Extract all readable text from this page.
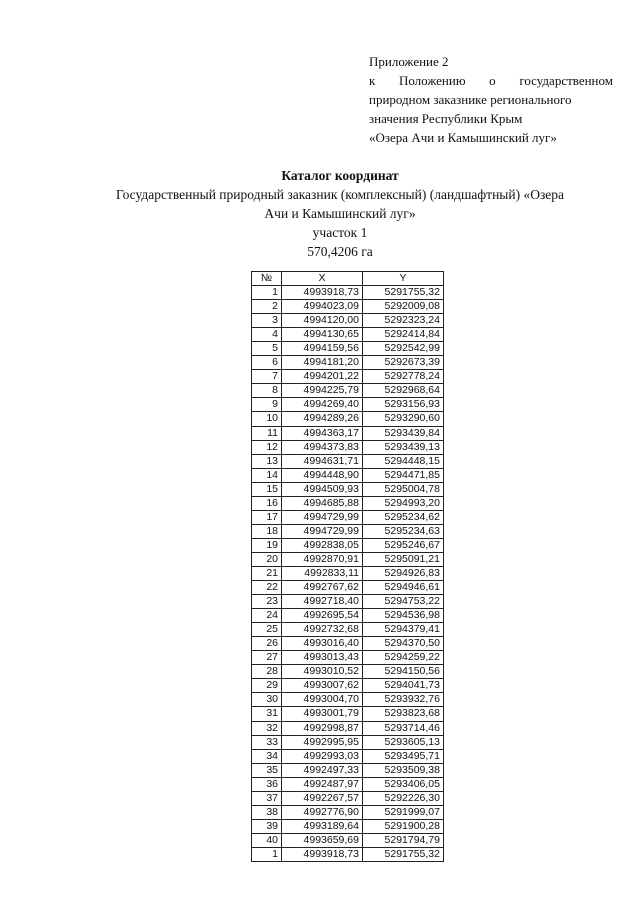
Приложение 2
к Положению о государственном
природном заказнике регионального
значения Республики Крым
«Озера Ачи и Камышинский луг»
Каталог координат
Государственный природный заказник (комплексный) (ландшафтный) «Озера
Ачи и Камышинский луг»
участок 1
570,4206 га
№	X	Y
1	4993918,73	5291755,32
2	4994023,09	5292009,08
3	4994120,00	5292323,24
4	4994130,65	5292414,84
5	4994159,56	5292542,99
6	4994181,20	5292673,39
7	4994201,22	5292778,24
8	4994225,79	5292968,64
9	4994269,40	5293156,93
10	4994289,26	5293290,60
11	4994363,17	5293439,84
12	4994373,83	5293439,13
13	4994631,71	5294448,15
14	4994448,90	5294471,85
15	4994509,93	5295004,78
16	4994685,88	5294993,20
17	4994729,99	5295234,62
18	4994729,99	5295234,63
19	4992838,05	5295246,67
20	4992870,91	5295091,21
21	4992833,11	5294926,83
22	4992767,62	5294946,61
23	4992718,40	5294753,22
24	4992695,54	5294536,98
25	4992732,68	5294379,41
26	4993016,40	5294370,50
27	4993013,43	5294259,22
28	4993010,52	5294150,56
29	4993007,62	5294041,73
30	4993004,70	5293932,76
31	4993001,79	5293823,68
32	4992998,87	5293714,46
33	4992995,95	5293605,13
34	4992993,03	5293495,71
35	4992497,33	5293509,38
36	4992487,97	5293406,05
37	4992267,57	5292226,30
38	4992776,90	5291999,07
39	4993189,64	5291900,28
40	4993659,69	5291794,79
1	4993918,73	5291755,32
